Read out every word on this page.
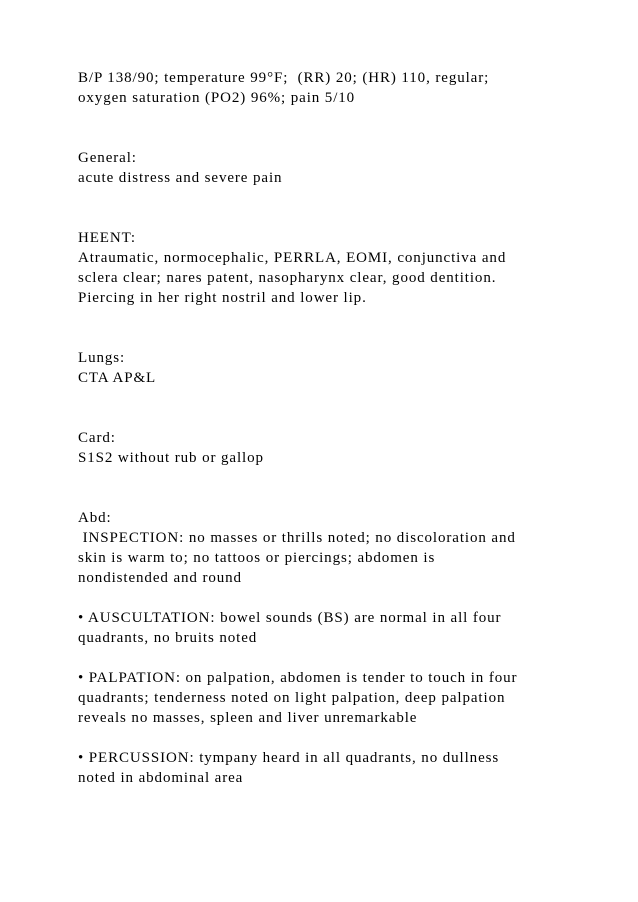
B/P 138/90; temperature 99°F;  (RR) 20; (HR) 110, regular;
oxygen saturation (PO2) 96%; pain 5/10
General:
acute distress and severe pain
HEENT:
Atraumatic, normocephalic, PERRLA, EOMI, conjunctiva and
sclera clear; nares patent, nasopharynx clear, good dentition.
Piercing in her right nostril and lower lip.
Lungs:
CTA AP&L
Card:
S1S2 without rub or gallop
Abd:
INSPECTION: no masses or thrills noted; no discoloration and
skin is warm to; no tattoos or piercings; abdomen is
nondistended and round
• AUSCULTATION: bowel sounds (BS) are normal in all four
quadrants, no bruits noted
• PALPATION: on palpation, abdomen is tender to touch in four
quadrants; tenderness noted on light palpation, deep palpation
reveals no masses, spleen and liver unremarkable
• PERCUSSION: tympany heard in all quadrants, no dullness
noted in abdominal area
